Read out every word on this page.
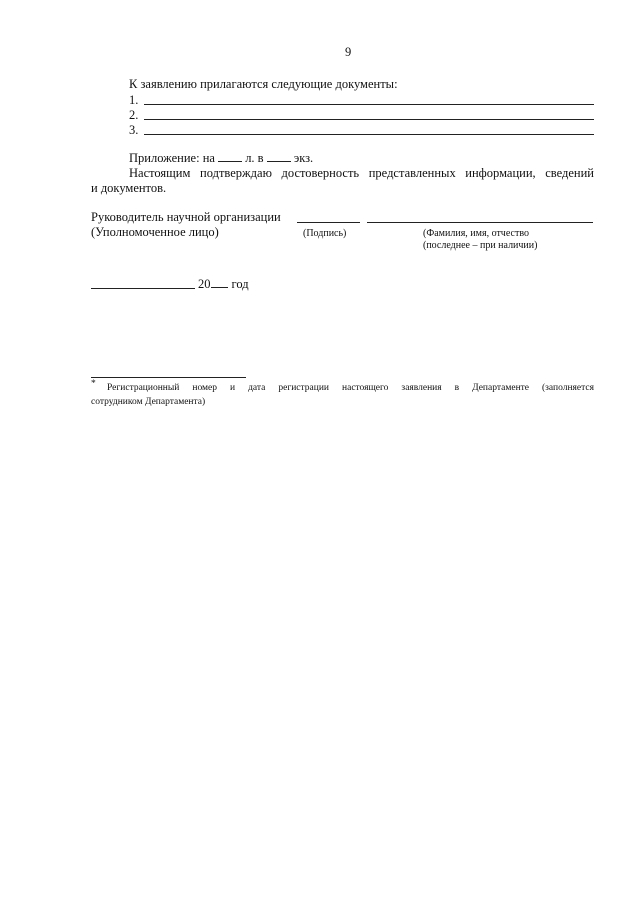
9
К заявлению прилагаются следующие документы:
1.
2.
3.
Приложение: на л. в экз.
Настоящим подтверждаю достоверность представленных информации, сведений
и документов.
Руководитель научной организации
(Уполномоченное лицо)	(Подпись)	(Фамилия, имя, отчество
(последнее – при наличии)
20 год
* Регистрационный номер и дата регистрации настоящего заявления в Департаменте (заполняется
сотрудником Департамента)
